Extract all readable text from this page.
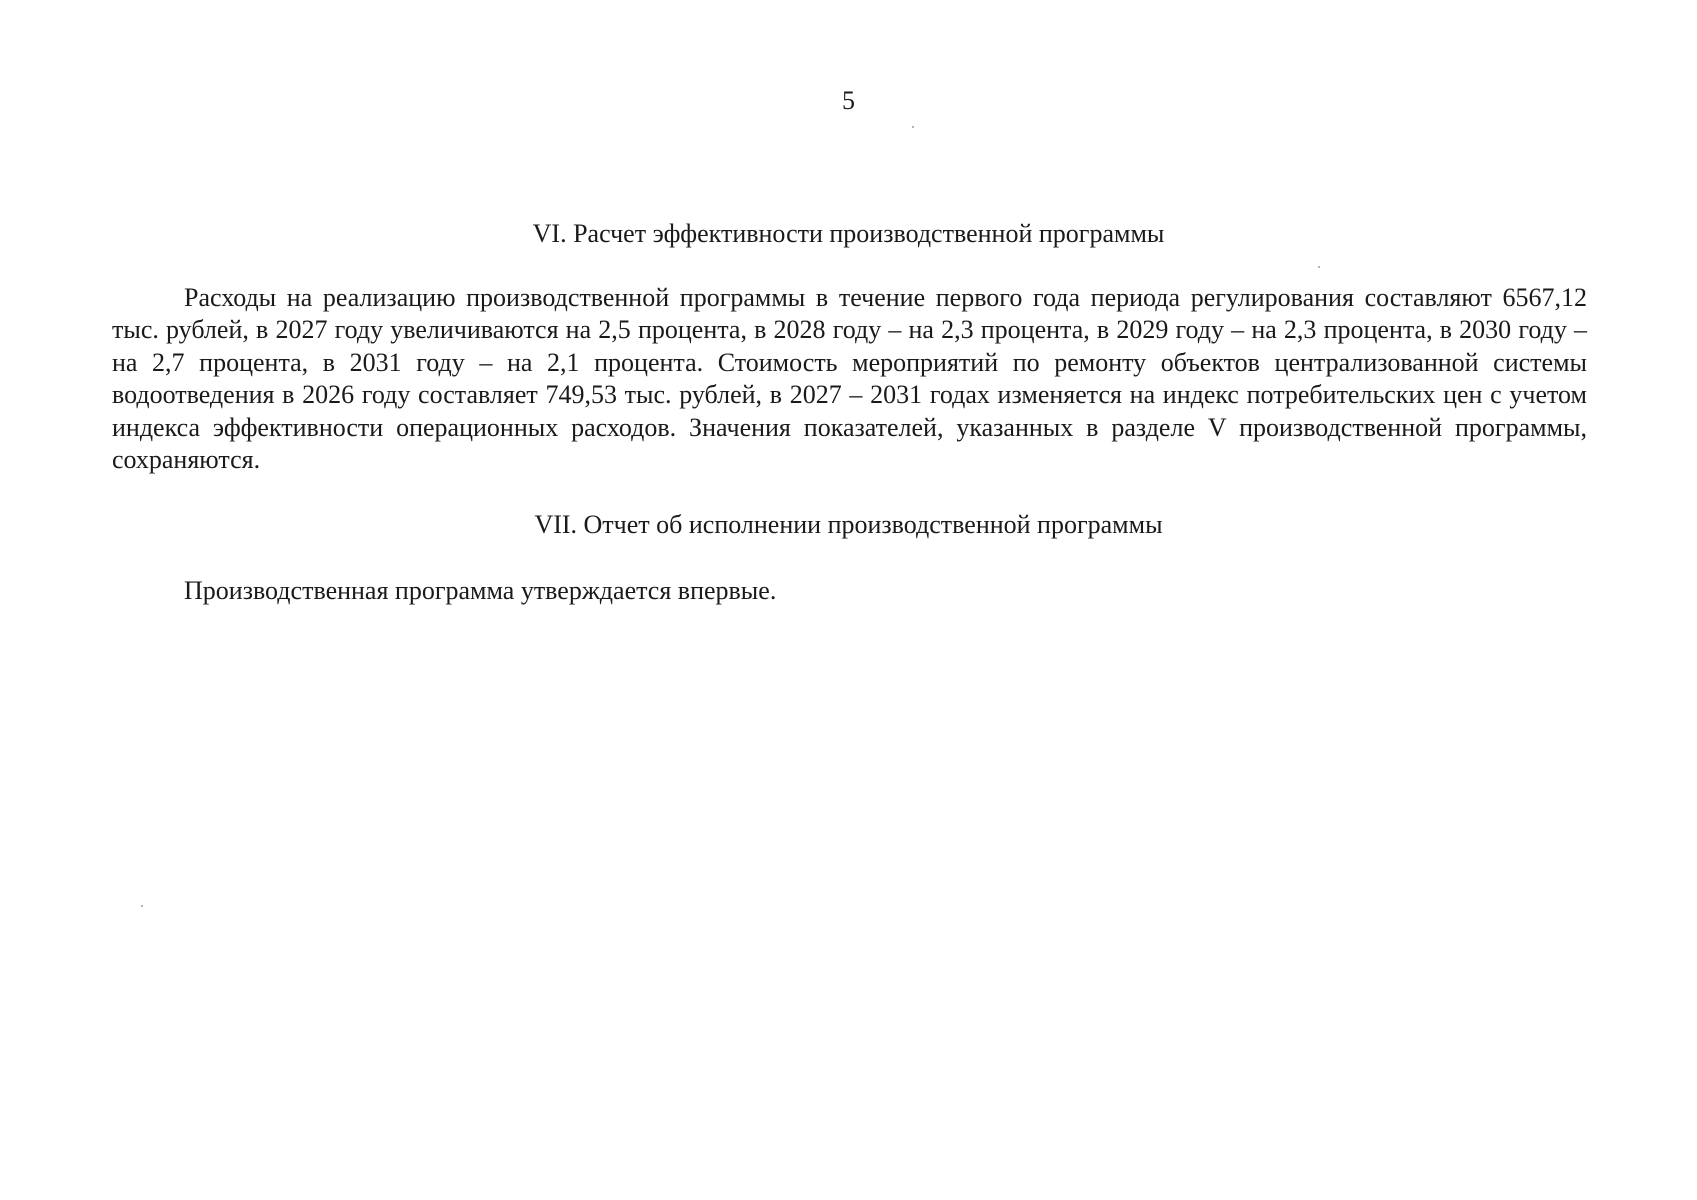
5
VI. Расчет эффективности производственной программы

Расходы на реализацию производственной программы в течение первого года периода регулирования составляют 6567,12 тыс. рублей, в 2027 году увеличиваются на 2,5 процента, в 2028 году – на 2,3 процента, в 2029 году – на 2,3 процента, в 2030 году – на 2,7 процента, в 2031 году – на 2,1 процента. Стоимость мероприятий по ремонту объектов централизованной системы водоотведения в 2026 году составляет 749,53 тыс. рублей, в 2027 – 2031 годах изменяется на индекс потребительских цен с учетом индекса эффективности операционных расходов. Значения показателей, указанных в разделе V производственной программы, сохраняются.

VII. Отчет об исполнении производственной программы

Производственная программа утверждается впервые.
